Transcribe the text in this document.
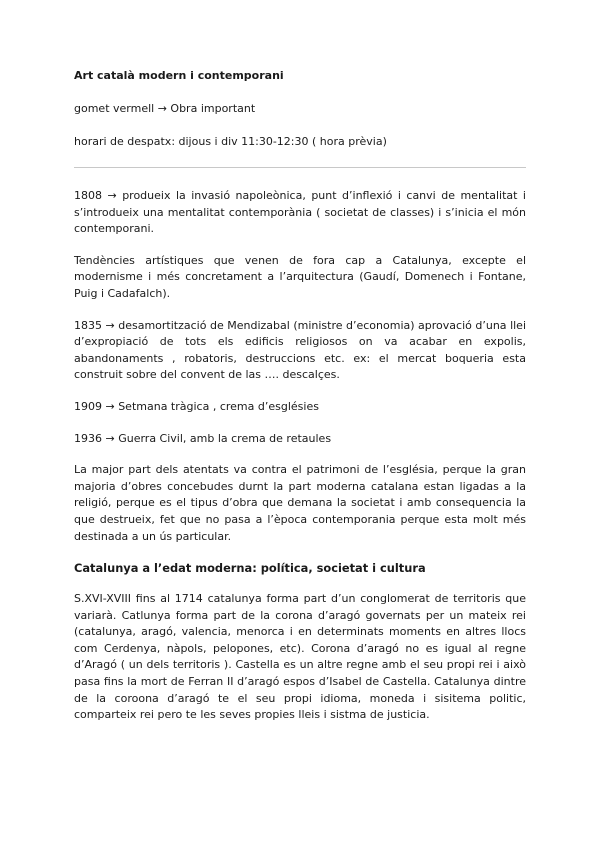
Art català modern i contemporani
gomet vermell → Obra important
horari de despatx: dijous i div 11:30-12:30 ( hora prèvia)

1808 → produeix la invasió napoleònica, punt d’inflexió i canvi de mentalitat i s’introdueix una mentalitat contemporània ( societat de classes) i s’inicia el món contemporani.

Tendències artístiques que venen de fora cap a Catalunya, excepte el modernisme i més concretament a l’arquitectura (Gaudí, Domenech i Fontane, Puig i Cadafalch).

1835 → desamortització de Mendizabal (ministre d’economia) aprovació d’una llei d’expropiació de tots els edificis religiosos on va acabar en expolis, abandonaments , robatoris, destruccions etc. ex: el mercat boqueria esta construit sobre del convent de las …. descalçes.

1909 → Setmana tràgica , crema d’esglésies

1936 → Guerra Civil, amb la crema de retaules

La major part dels atentats va contra el patrimoni de l’església, perque la gran majoria d’obres concebudes durnt la part moderna catalana estan ligadas a la religió, perque es el tipus d’obra que demana la societat i amb consequencia la que destrueix, fet que no pasa a l’època contemporania perque esta molt més destinada a un ús particular.

Catalunya a l’edat moderna: política, societat i cultura

S.XVI-XVIII fins al 1714 catalunya forma part d’un conglomerat de territoris que variarà. Catlunya forma part de la corona d’aragó governats per un mateix rei (catalunya, aragó, valencia, menorca i en determinats moments en altres llocs com Cerdenya, nàpols, pelopones, etc). Corona d’aragó no es igual al regne d’Aragó ( un dels territoris ). Castella es un altre regne amb el seu propi rei i això pasa fins la mort de Ferran II d’aragó espos d’Isabel de Castella. Catalunya dintre de la coroona d’aragó te el seu propi idioma, moneda i sisitema politic, comparteix rei pero te les seves propies lleis i sistma de justicia.
